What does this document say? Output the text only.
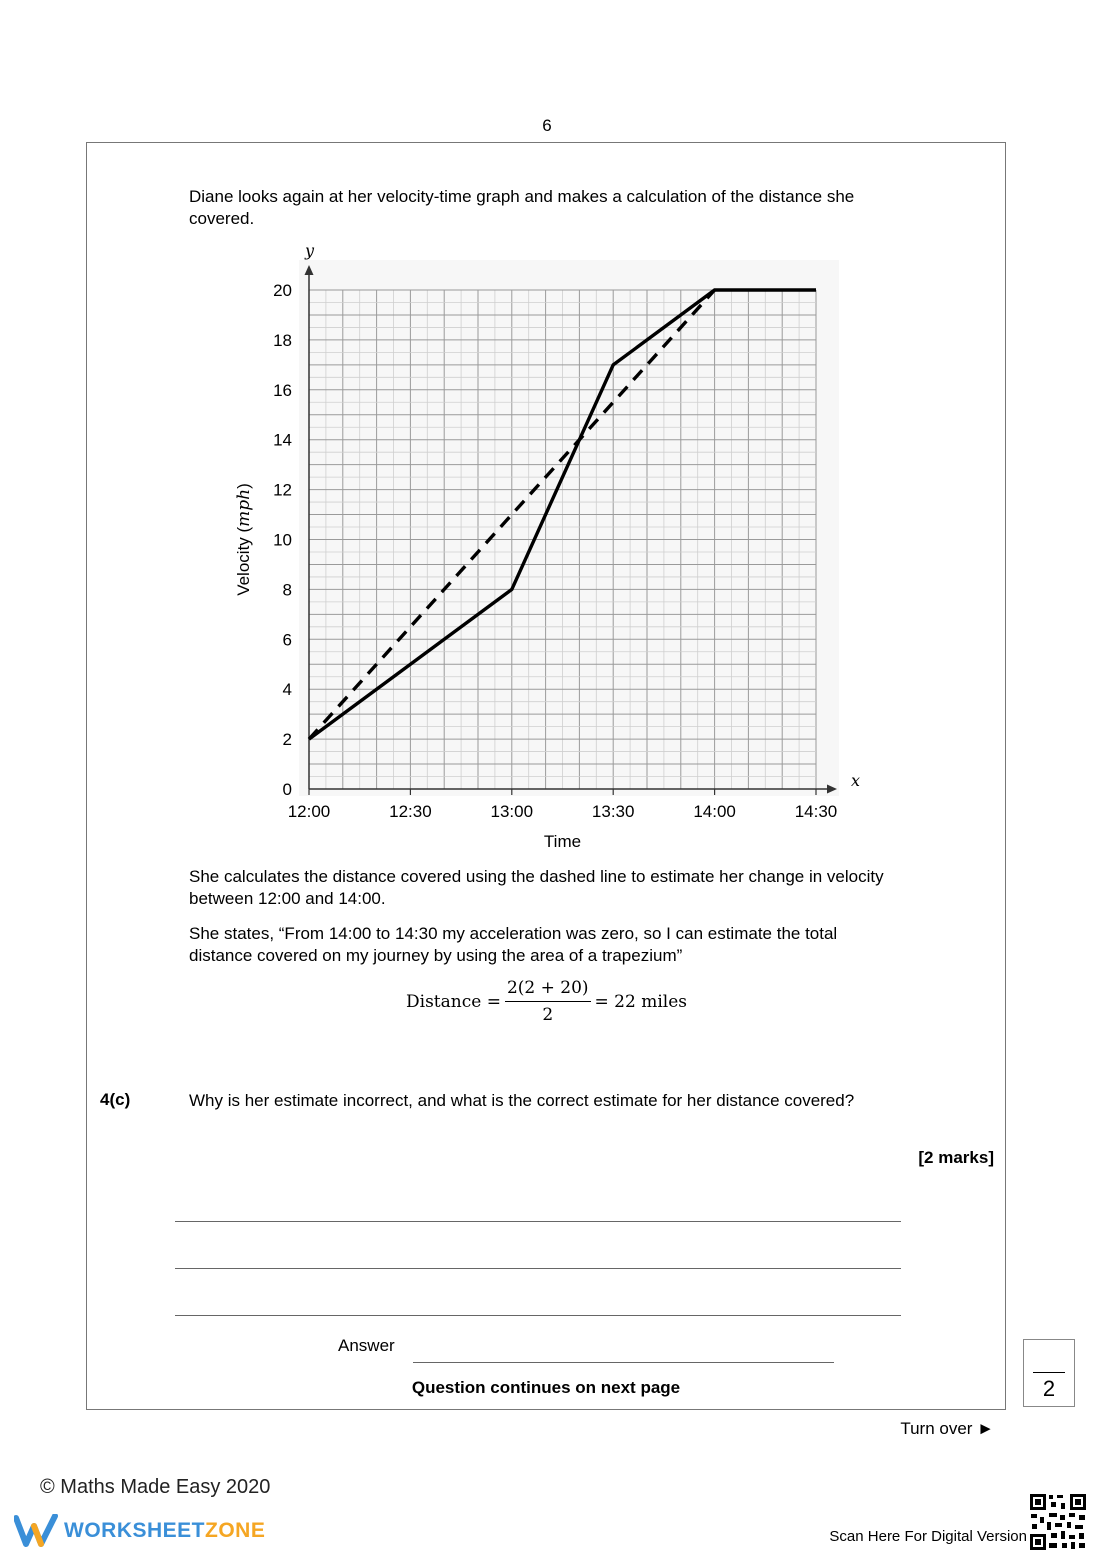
6
Diane looks again at her velocity-time graph and makes a calculation of the distance she covered.
12:00	12:30	13:00	13:30	14:00	14:30
0
2
4
6
8
10
12
14
16
18
20
Time
Velocity (mph)
x
y
She calculates the distance covered using the dashed line to estimate her change in velocity between 12:00 and 14:00.
She states, “From 14:00 to 14:30 my acceleration was zero, so I can estimate the total distance covered on my journey by using the area of a trapezium”
Distance = $\frac{2(2 + 20)}{2} = 22$ miles
4(c)	Why is her estimate incorrect, and what is the correct estimate for her distance covered?
[2 marks]
Answer
Question continues on next page	2
Turn over ►
© Maths Made Easy 2020
WORKSHEETZONE	Scan Here For Digital Version
